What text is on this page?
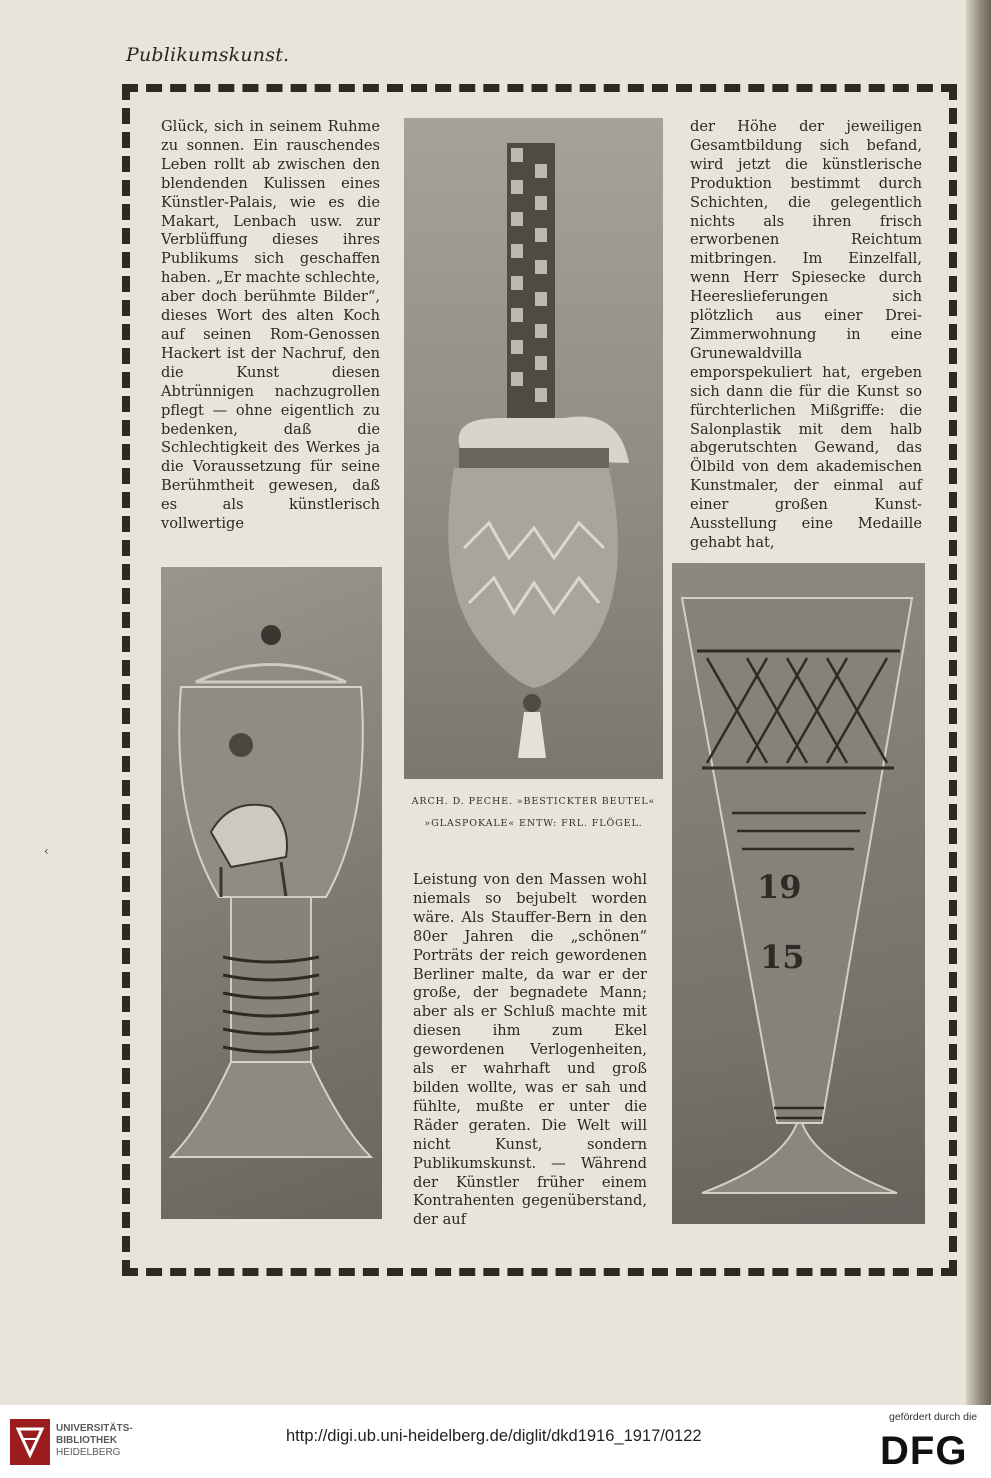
Publikumskunst.

Glück, sich in seinem Ruhme zu sonnen. Ein rauschendes Leben rollt ab zwischen den blendenden Kulissen eines Künstler-Palais, wie es die Makart, Lenbach usw. zur Verblüffung dieses ihres Publikums sich geschaffen haben. „Er machte schlechte, aber doch berühmte Bilder“, dieses Wort des alten Koch auf seinen Rom-Genossen Hackert ist der Nachruf, den die Kunst diesen Abtrünnigen nachzugrollen pflegt — ohne eigentlich zu bedenken, daß die Schlechtigkeit des Werkes ja die Voraussetzung für seine Berühmtheit gewesen, daß es als künstlerisch vollwertige

der Höhe der jeweiligen Gesamtbildung sich befand, wird jetzt die künstlerische Produktion bestimmt durch Schichten, die gelegentlich nichts als ihren frisch erworbenen Reichtum mitbringen. Im Einzelfall, wenn Herr Spiesecke durch Heereslieferungen sich plötzlich aus einer Drei-Zimmerwohnung in eine Grunewaldvilla emporspekuliert hat, ergeben sich dann die für die Kunst so fürchterlichen Mißgriffe: die Salonplastik mit dem halb abgerutschten Gewand, das Ölbild von dem akademischen Kunstmaler, der einmal auf einer großen Kunst-Ausstellung eine Medaille gehabt hat,

Leistung von den Massen wohl niemals so bejubelt worden wäre. Als Stauffer-Bern in den 80er Jahren die „schönen“ Porträts der reich gewordenen Berliner malte, da war er der große, der begnadete Mann; aber als er Schluß machte mit diesen ihm zum Ekel gewordenen Verlogenheiten, als er wahrhaft und groß bilden wollte, was er sah und fühlte, mußte er unter die Räder geraten. Die Welt will nicht Kunst, sondern Publikumskunst. — Während der Künstler früher einem Kontrahenten gegenüberstand, der auf

19
15

ARCH. D. PECHE. »BESTICKTER BEUTEL«

»GLASPOKALE« ENTW: FRL. FLÖGEL.

‹
UNIVERSITÄTS-
BIBLIOTHEK
HEIDELBERG

http://digi.ub.uni-heidelberg.de/diglit/dkd1916_1917/0122

gefördert durch die
DFG
